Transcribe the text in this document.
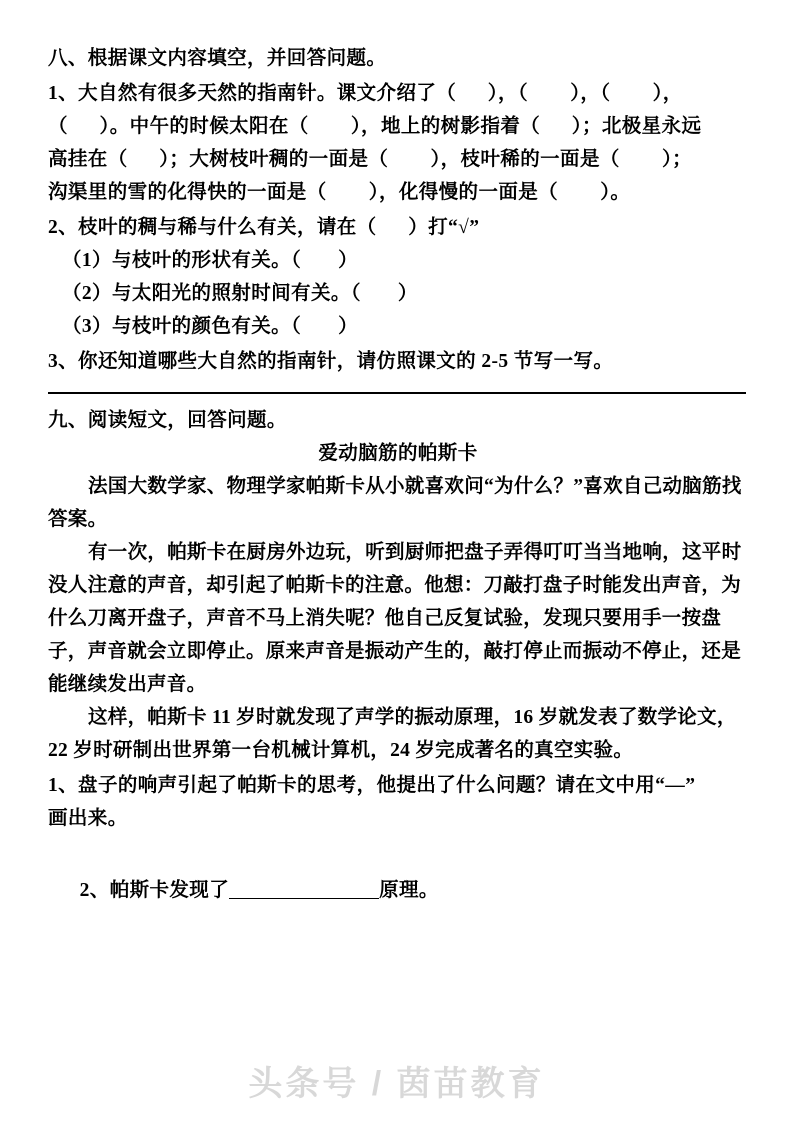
八、根据课文内容填空，并回答问题。
1、大自然有很多天然的指南针。课文介绍了（      ），（        ），（        ），
（      ）。中午的时候太阳在（        ），地上的树影指着（      ）；北极星永远
高挂在（      ）；大树枝叶稠的一面是（        ），枝叶稀的一面是（        ）；
沟渠里的雪的化得快的一面是（        ），化得慢的一面是（        ）。
2、枝叶的稠与稀与什么有关，请在（      ）打“√”
（1）与枝叶的形状有关。（       ）
（2）与太阳光的照射时间有关。（       ）
（3）与枝叶的颜色有关。（       ）
3、你还知道哪些大自然的指南针，请仿照课文的 2-5 节写一写。
九、阅读短文，回答问题。
爱动脑筋的帕斯卡
法国大数学家、物理学家帕斯卡从小就喜欢问“为什么？”喜欢自己动脑筋找答案。
有一次，帕斯卡在厨房外边玩，听到厨师把盘子弄得叮叮当当地响，这平时没人注意的声音，却引起了帕斯卡的注意。他想：刀敲打盘子时能发出声音，为什么刀离开盘子，声音不马上消失呢？他自己反复试验，发现只要用手一按盘子，声音就会立即停止。原来声音是振动产生的，敲打停止而振动不停止，还是能继续发出声音。
这样，帕斯卡 11 岁时就发现了声学的振动原理，16 岁就发表了数学论文，22 岁时研制出世界第一台机械计算机，24 岁完成著名的真空实验。
1、盘子的响声引起了帕斯卡的思考，他提出了什么问题？请在文中用“—”
画出来。

2、帕斯卡发现了	原理。

头条号 / 茵苗教育
